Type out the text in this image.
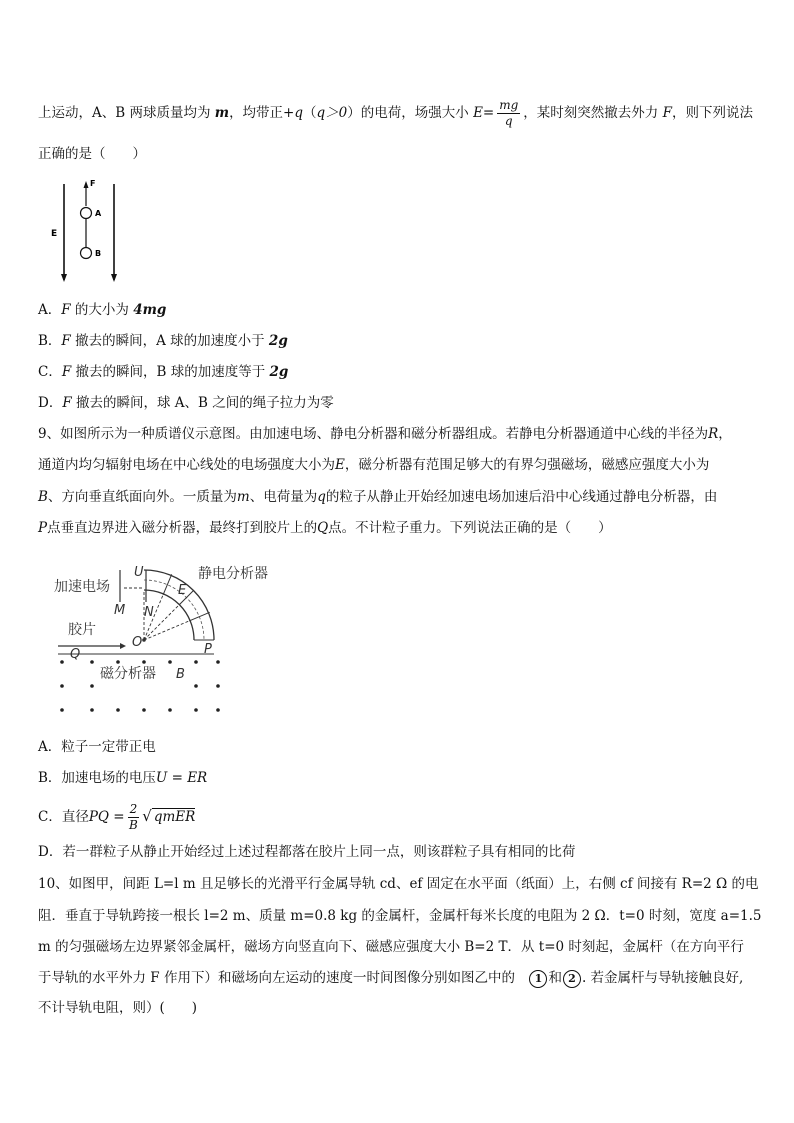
上运动，A、B 两球质量均为 m，均带正+q（q＞0）的电荷，场强大小 $E= \frac{mg}{q}$ ，某时刻突然撤去外力 F，则下列说法
正确的是（　　）
F
A
B
E
A．F 的大小为 4mg
B．F 撤去的瞬间，A 球的加速度小于 2g
C．F 撤去的瞬间，B 球的加速度等于 2g
D．F 撤去的瞬间，球 A、B 之间的绳子拉力为零
9、如图所示为一种质谱仪示意图。由加速电场、静电分析器和磁分析器组成。若静电分析器通道中心线的半径为R，
通道内均匀辐射电场在中心线处的电场强度大小为E，磁分析器有范围足够大的有界匀强磁场，磁感应强度大小为
B、方向垂直纸面向外。一质量为m、电荷量为q的粒子从静止开始经加速电场加速后沿中心线通过静电分析器，由
P点垂直边界进入磁分析器，最终打到胶片上的Q点。不计粒子重力。下列说法正确的是（　　）
加速电场
M
U
N
静电分析器
E
O	P
胶片
Q
磁分析器 B
A．粒子一定带正电
B．加速电场的电压U = ER
C．直径PQ = $\frac{2}{B}$ √ qmER
D．若一群粒子从静止开始经过上述过程都落在胶片上同一点，则该群粒子具有相同的比荷
10、如图甲，间距 L=l m 且足够长的光滑平行金属导轨 cd、ef 固定在水平面（纸面）上，右侧 cf 间接有 R=2 Ω 的电
阻．垂直于导轨跨接一根长 l=2 m、质量 m=0.8 kg 的金属杆，金属杆每米长度的电阻为 2 Ω．t=0 时刻，宽度 a=1.5
m 的匀强磁场左边界紧邻金属杆，磁场方向竖直向下、磁感应强度大小 B=2 T．从 t=0 时刻起，金属杆（在方向平行
于导轨的水平外力 F 作用下）和磁场向左运动的速度一时间图像分别如图乙中的　1 和 2 . 若金属杆与导轨接触良好,
不计导轨电阻，则）(　　)
